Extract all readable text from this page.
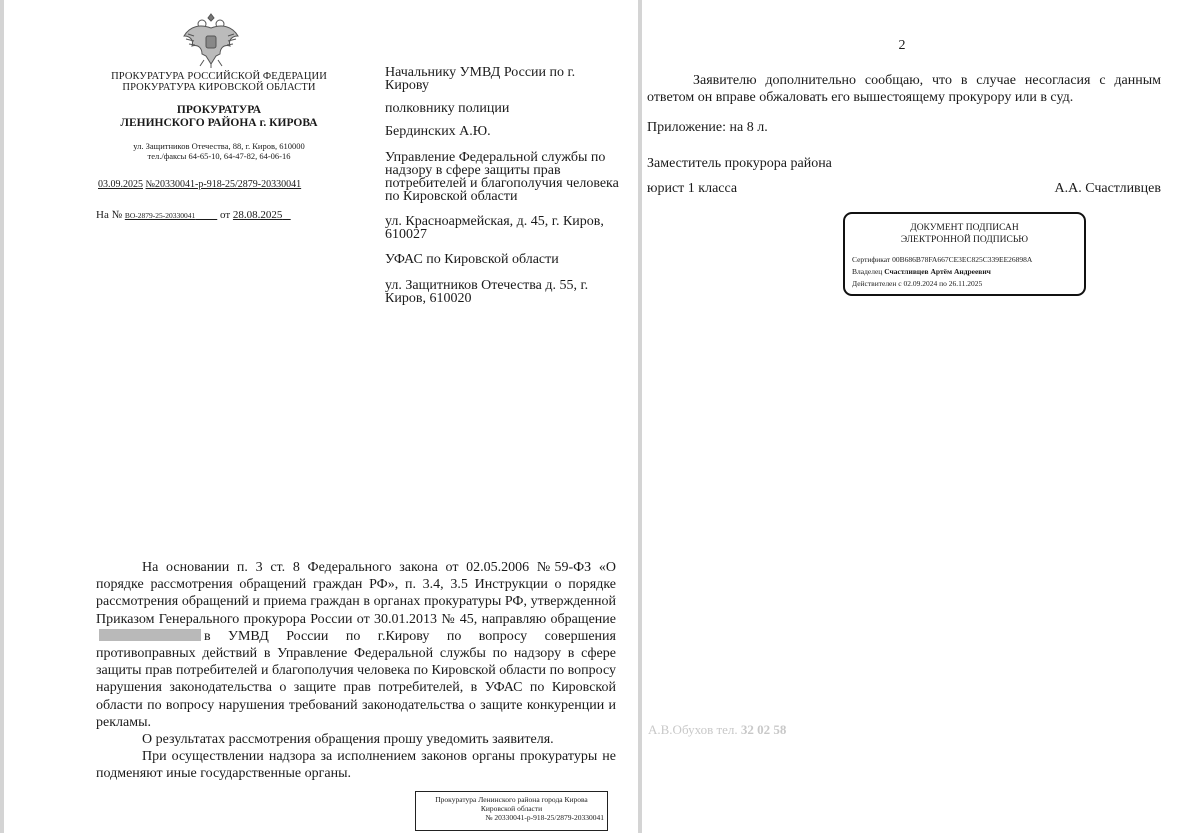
ПРОКУРАТУРА РОССИЙСКОЙ ФЕДЕРАЦИИ
ПРОКУРАТУРА КИРОВСКОЙ ОБЛАСТИ
ПРОКУРАТУРА
ЛЕНИНСКОГО РАЙОНА г. КИРОВА
ул. Защитников Отечества, 88, г. Киров, 610000
тел./факсы 64-65-10, 64-47-82, 64-06-16
03.09.2025 №20330041-р-918-25/2879-20330041
На № ВО-2879-25-20330041 от 28.08.2025
Начальнику УМВД России по г. Кирову
полковнику полиции
Бердинских А.Ю.
Управление Федеральной службы по надзору в сфере защиты прав потребителей и благополучия человека по Кировской области
ул. Красноармейская, д. 45, г. Киров, 610027
УФАС по Кировской области
ул. Защитников Отечества д. 55, г. Киров, 610020

На основании п. 3 ст. 8 Федерального закона от 02.05.2006 №59-ФЗ «О порядке рассмотрения обращений граждан РФ», п. 3.4, 3.5 Инструкции о порядке рассмотрения обращений и приема граждан в органах прокуратуры РФ, утвержденной Приказом Генерального прокурора России от 30.01.2013 № 45, направляю обращениев УМВД России по г.Кирову по вопросу совершения противоправных действий в Управление Федеральной службы по надзору в сфере защиты прав потребителей и благополучия человека по Кировской области по вопросу нарушения законодательства о защите прав потребителей, в УФАС по Кировской области по вопросу нарушения требований законодательства о защите конкуренции и рекламы.

О результатах рассмотрения обращения прошу уведомить заявителя.

При осуществлении надзора за исполнением законов органы прокуратуры не подменяют иные государственные органы.

Прокуратура Ленинского района города Кирова
Кировской области
№ 20330041-р-918-25/2879-20330041
2

Заявителю дополнительно сообщаю, что в случае несогласия с данным ответом он вправе обжаловать его вышестоящему прокурору или в суд.

Приложение: на 8 л.
Заместитель прокурора района
юрист 1 класса	А.А. Счастливцев
ДОКУМЕНТ ПОДПИСАН
ЭЛЕКТРОННОЙ ПОДПИСЬЮ
Сертификат 00B686B78FA667CE3EC825C339EE26898A
Владелец Счастливцев Артём Андреевич
Действителен с 02.09.2024 по 26.11.2025
А.В.Обухов тел. 32 02 58
